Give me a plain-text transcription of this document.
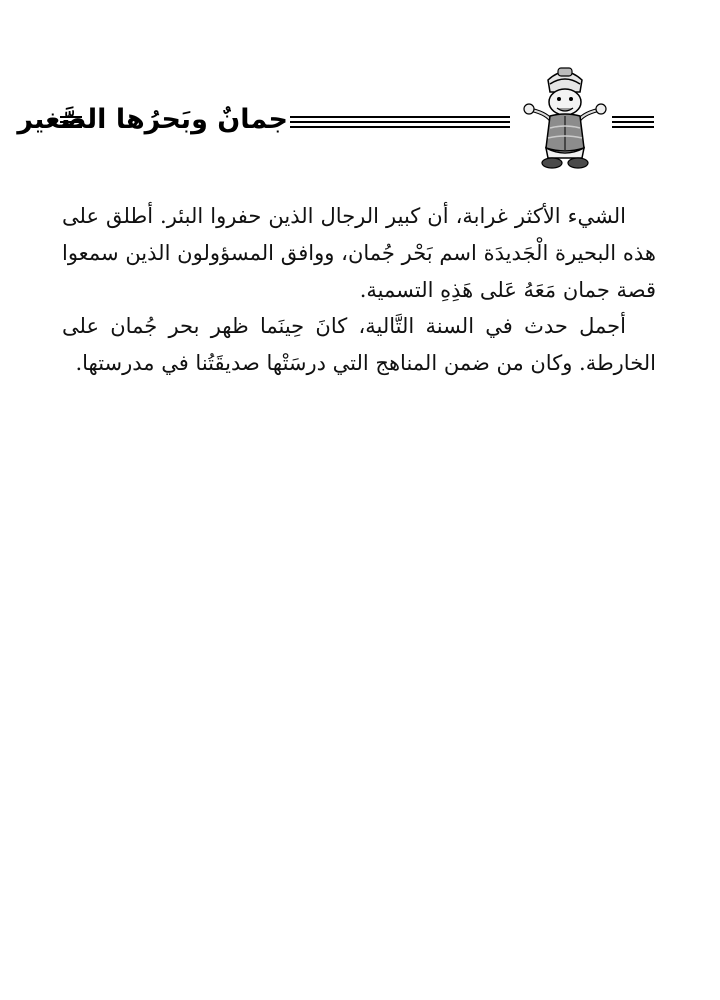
جمانٌ وبَحرُها الصَّغير

الشيء الأكثر غرابة، أن كبير الرجال الذين حفروا البئر. أطلق على هذه البحيرة الْجَديدَة اسم بَحْر جُمان، ووافق المسؤولون الذين سمعوا قصة جمان مَعَهُ عَلى هَذِهِ التسمية.

أجمل حدث في السنة التَّالية، كانَ حِينَما ظهر بحر جُمان على الخارطة. وكان من ضمن المناهج التي درسَتْها صديقَتُنا في مدرستها.
